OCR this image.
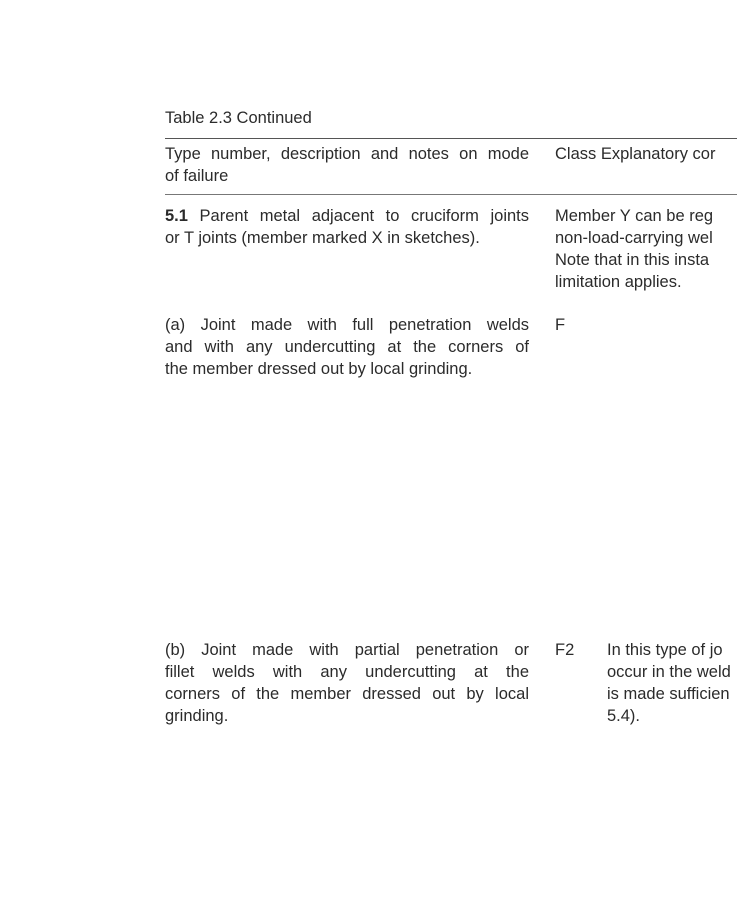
Table 2.3 Continued
Type number, description and notes on mode
of failure
Class Explanatory cor
5.1 Parent metal adjacent to cruciform joints
or T joints (member marked X in sketches).
Member Y can be reg
non-load-carrying wel
Note that in this insta
limitation applies.
(a) Joint made with full penetration welds
and with any undercutting at the corners of
the member dressed out by local grinding.
F
(b) Joint made with partial penetration or
fillet welds with any undercutting at the
corners of the member dressed out by local
grinding.
F2 In this type of jo
occur in the weld
is made sufficien
5.4).
